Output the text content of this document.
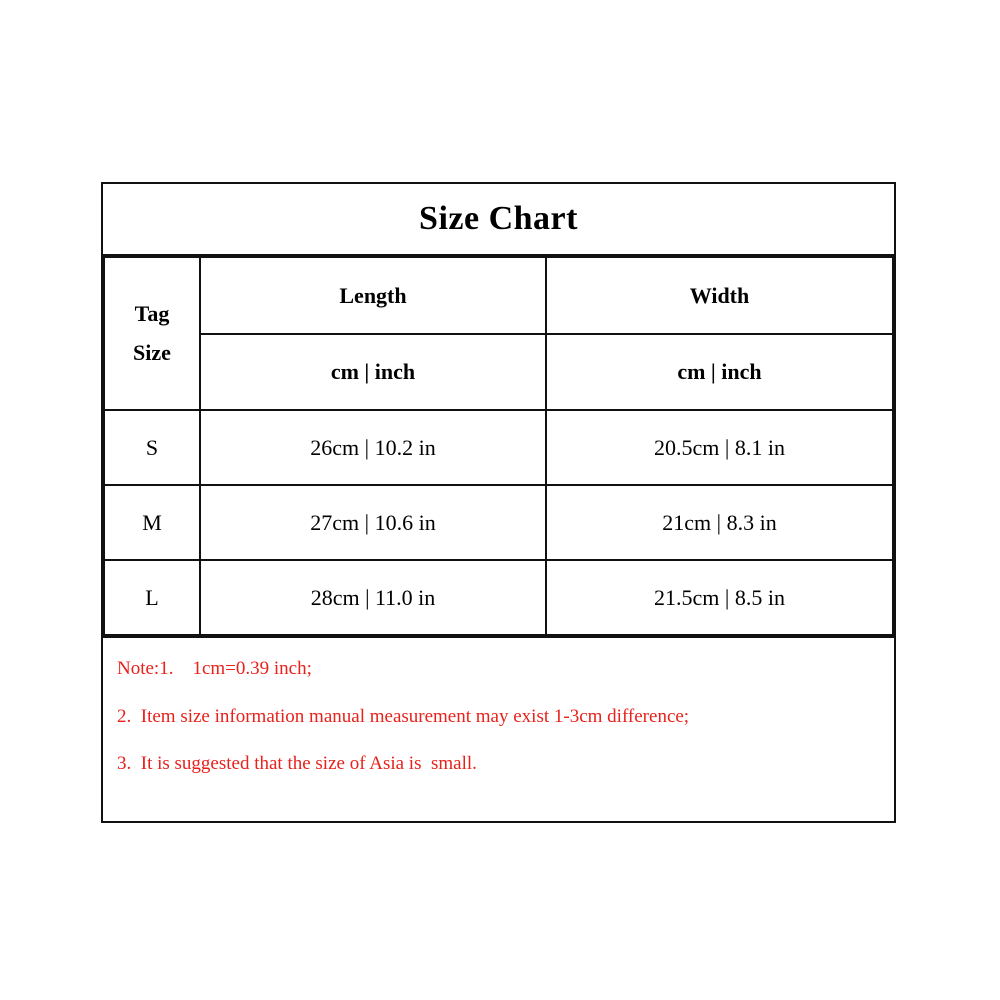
Size Chart
Tag
Size	Length	Width
	cm | inch	cm | inch
S	26cm | 10.2 in	20.5cm | 8.1 in
M	27cm | 10.6 in	21cm | 8.3 in
L	28cm | 11.0 in	21.5cm | 8.5 in
Note:1.    1cm=0.39 inch;
2.  Item size information manual measurement may exist 1-3cm difference;
3.  It is suggested that the size of Asia is  small.
